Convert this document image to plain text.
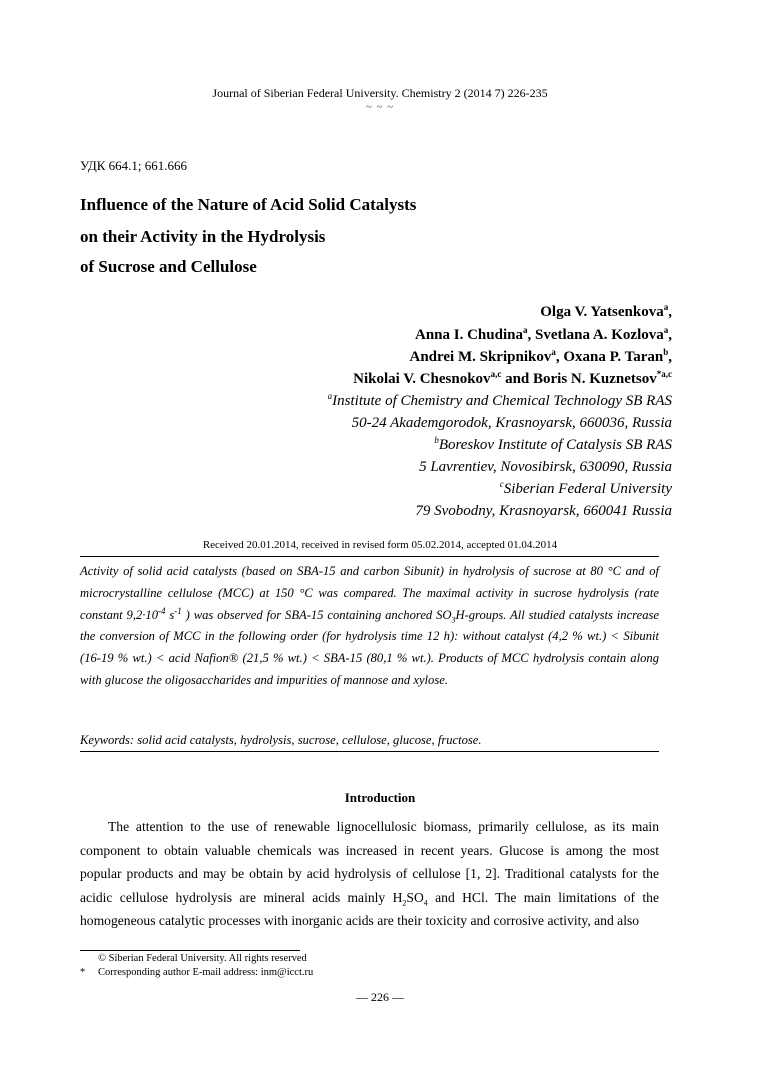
Journal of Siberian Federal University. Chemistry 2 (2014 7) 226-235
~ ~ ~
УДК 664.1; 661.666
Influence of the Nature of Acid Solid Catalysts
on their Activity in the Hydrolysis
of Sucrose and Cellulose
Olga V. Yatsenkova$^a$,
Anna I. Chudina$^a$, Svetlana A. Kozlova$^a$,
Andrei M. Skripnikov$^a$, Oxana P. Taran$^b$,
Nikolai V. Chesnokov$^{a,c}$ and Boris N. Kuznetsov$^{*a,c}$
$^a$Institute of Chemistry and Chemical Technology SB RAS
50-24 Akademgorodok, Krasnoyarsk, 660036, Russia
$^b$Boreskov Institute of Catalysis SB RAS
5 Lavrentiev, Novosibirsk, 630090, Russia
$^c$Siberian Federal University
79 Svobodny, Krasnoyarsk, 660041 Russia
Received 20.01.2014, received in revised form 05.02.2014, accepted 01.04.2014
Activity of solid acid catalysts (based on SBA-15 and carbon Sibunit) in hydrolysis of sucrose at 80 °C and of microcrystalline cellulose (MCC) at 150 °C was compared. The maximal activity in sucrose hydrolysis (rate constant $9,2\cdot 10^{-4}$ $s^{-1}$ ) was observed for SBA-15 containing anchored $SO_3H$-groups. All studied catalysts increase the conversion of MCC in the following order (for hydrolysis time 12 h): without catalyst (4,2 % wt.) < Sibunit (16-19 % wt.) < acid Nafion® (21,5 % wt.) < SBA-15 (80,1 % wt.). Products of MCC hydrolysis contain along with glucose the oligosaccharides and impurities of mannose and xylose.
Keywords: solid acid catalysts, hydrolysis, sucrose, cellulose, glucose, fructose.
Introduction

The attention to the use of renewable lignocellulosic biomass, primarily cellulose, as its main component to obtain valuable chemicals was increased in recent years. Glucose is among the most popular products and may be obtain by acid hydrolysis of cellulose [1, 2]. Traditional catalysts for the acidic cellulose hydrolysis are mineral acids mainly $H_2SO_4$ and HCl. The main limitations of the homogeneous catalytic processes with inorganic acids are their toxicity and corrosive activity, and also

© Siberian Federal University. All rights reserved
* Corresponding author E-mail address: inm@icct.ru
— 226 —
